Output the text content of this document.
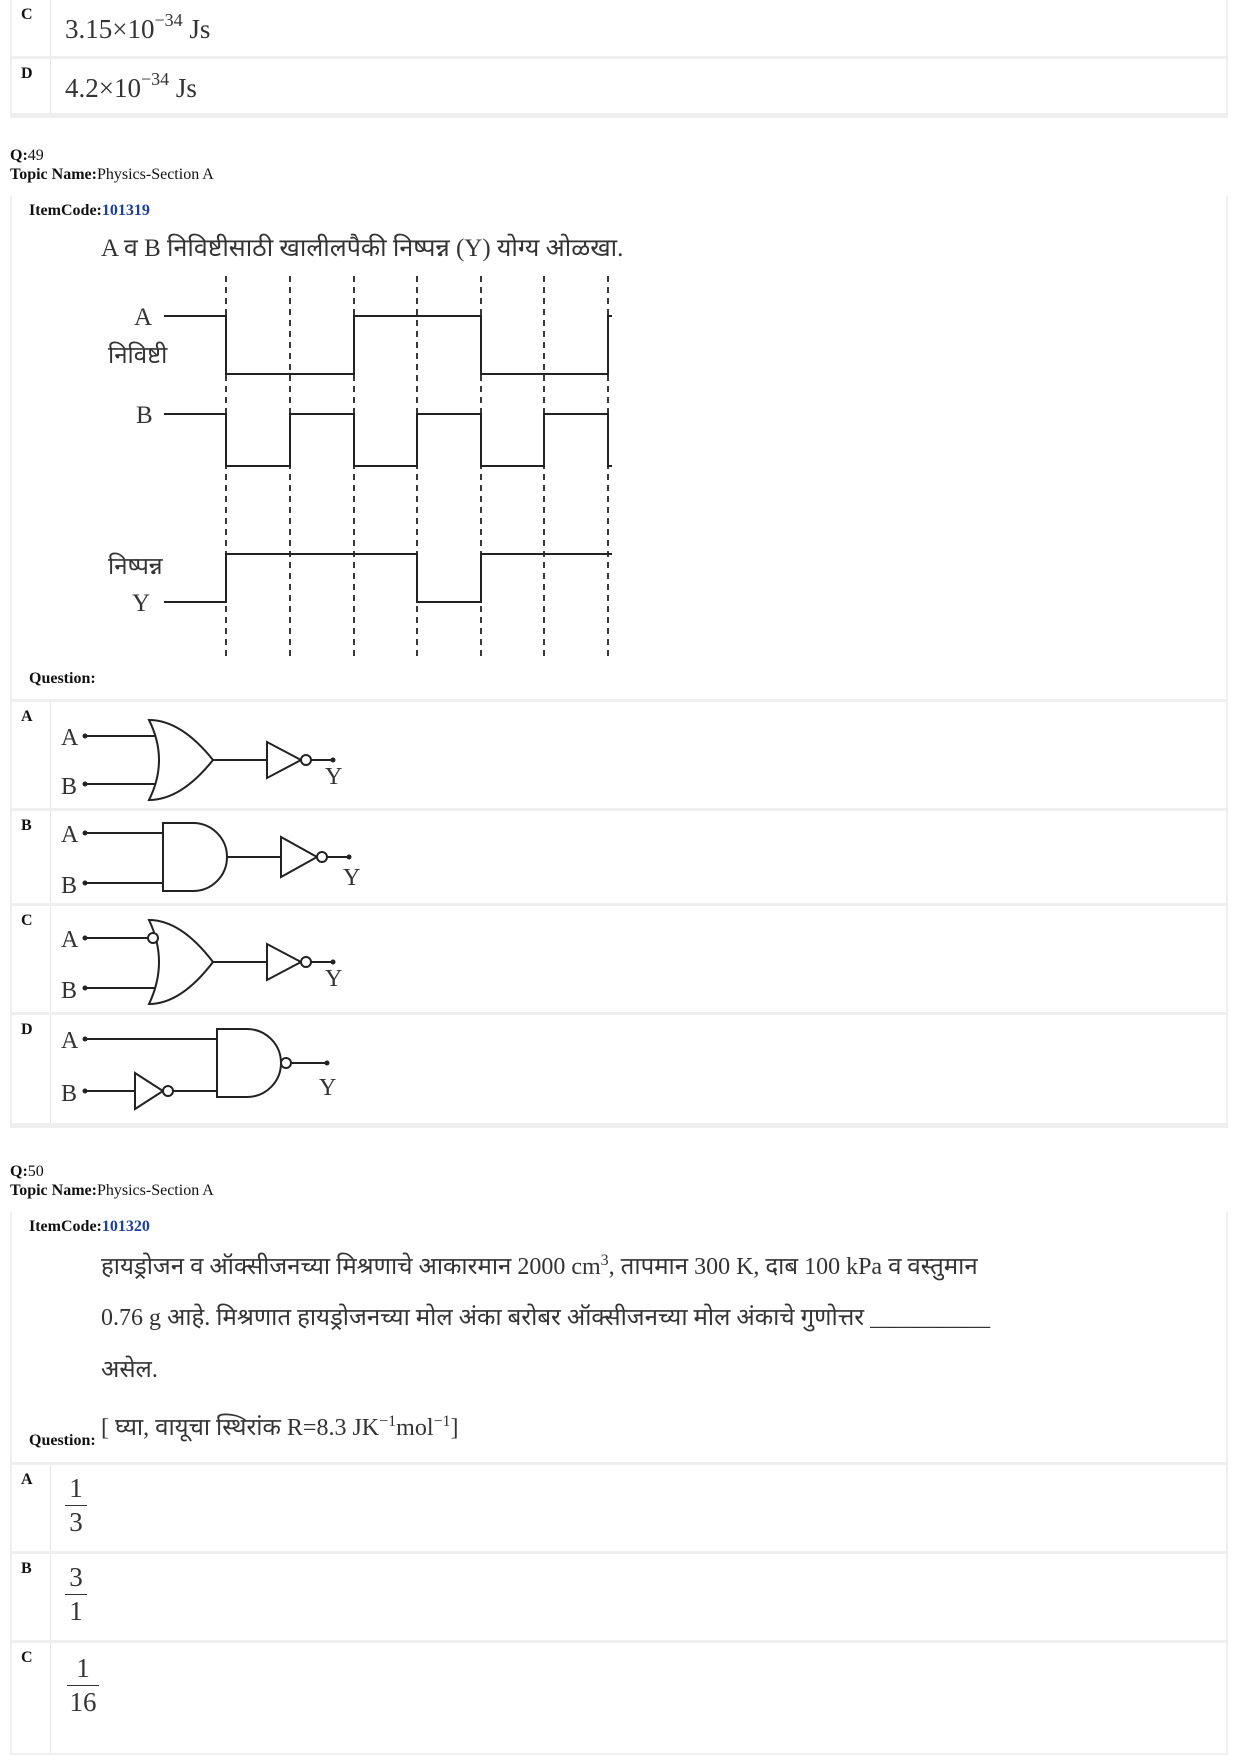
C $3.15\times 10^{-34}$ Js
D $4.2\times 10^{-34}$ Js
Q:49
Topic Name:Physics-Section A
ItemCode:101319
A व B निविष्टीसाठी खालीलपैकी निष्पन्न (Y) योग्य ओळखा.
A
निविष्टी
B
निष्पन्न
Y
Question:
A
A
B	Y
B A
B	Y
C
A
B	Y
D A
B	Y
Q:50
Topic Name:Physics-Section A
ItemCode:101320
हायड्रोजन व ऑक्सीजनच्या मिश्रणाचे आकारमान 2000 $cm^3$, तापमान 300 K, दाब 100 kPa व वस्तुमान
0.76 g आहे. मिश्रणात हायड्रोजनच्या मोल अंका बरोबर ऑक्सीजनच्या मोल अंकाचे गुणोत्तर __________
असेल.
[ घ्या, वायूचा स्थिरांक R=8.3 $JK^{-1}mol^{-1}$]
Question:
A 1
3
B 3
1
C	1
16
